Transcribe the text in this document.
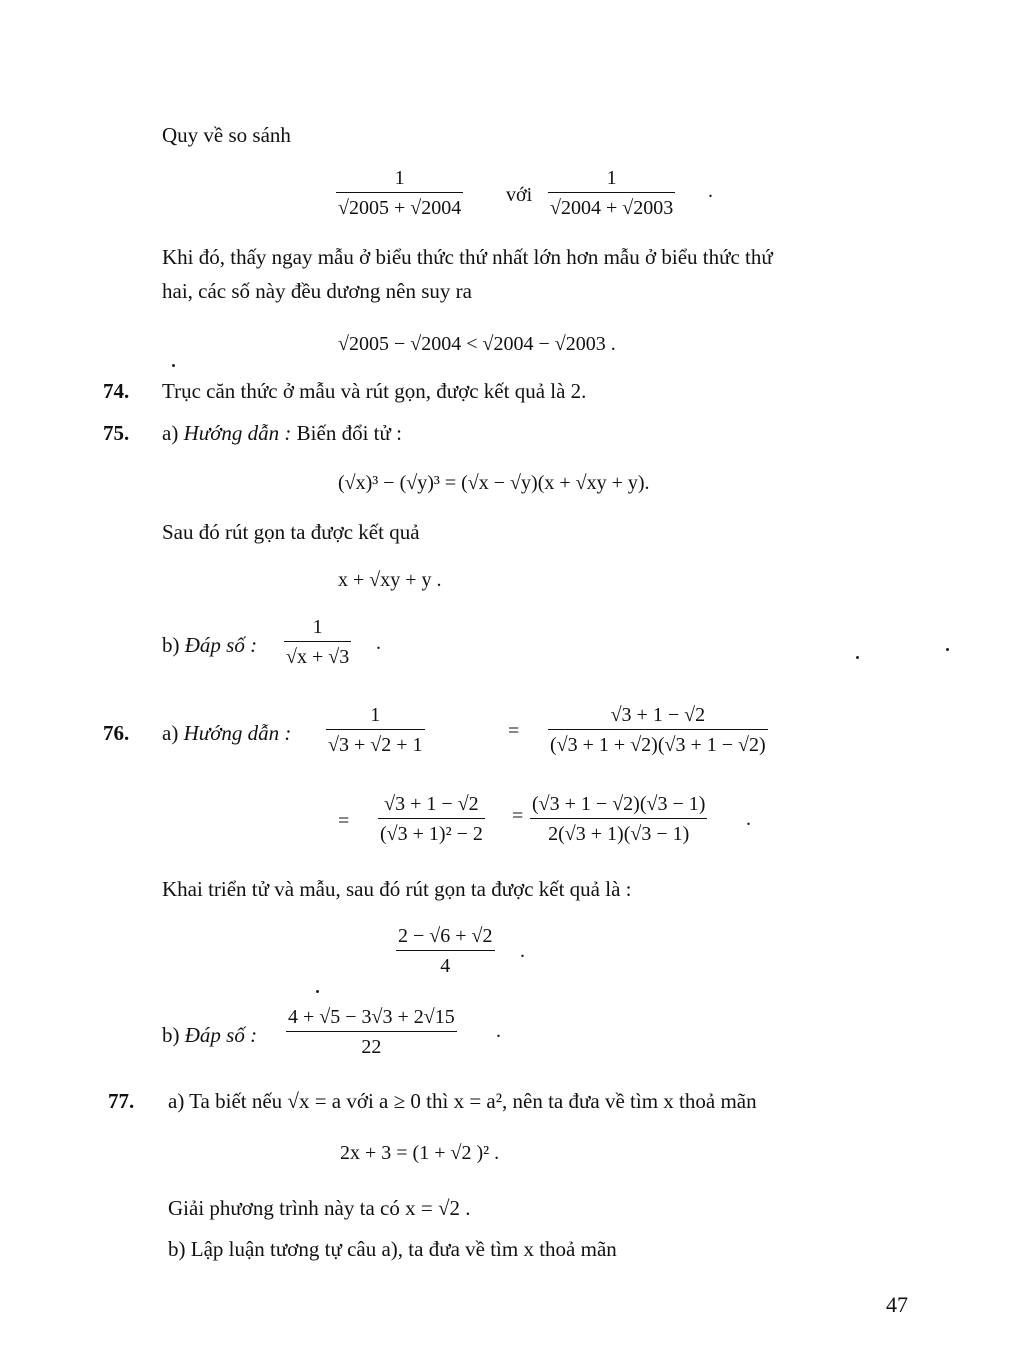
Quy về so sánh
1
√2005 + √2004
với
1
√2004 + √2003
.
Khi đó, thấy ngay mẫu ở biểu thức thứ nhất lớn hơn mẫu ở biểu thức thứ
hai, các số này đều dương nên suy ra
√2005 − √2004 < √2004 − √2003 .
74. Trục căn thức ở mẫu và rút gọn, được kết quả là 2.
75. a) Hướng dẫn : Biến đổi tử :
(√x)³ − (√y)³ = (√x − √y)(x + √xy + y).
Sau đó rút gọn ta được kết quả
x + √xy + y .
b) Đáp số :
1
√x + √3
.
76. a) Hướng dẫn :
1
√3 + √2 + 1
=
√3 + 1 − √2
(√3 + 1 + √2)(√3 + 1 − √2)
=
√3 + 1 − √2
(√3 + 1)² − 2
=
(√3 + 1 − √2)(√3 − 1)
2(√3 + 1)(√3 − 1)
.
Khai triển tử và mẫu, sau đó rút gọn ta được kết quả là :
2 − √6 + √2
4
.
b) Đáp số :
4 + √5 − 3√3 + 2√15
22
.
77. a) Ta biết nếu √x = a với a ≥ 0 thì x = a², nên ta đưa về tìm x thoả mãn
2x + 3 = (1 + √2 )² .
Giải phương trình này ta có x = √2 .
b) Lập luận tương tự câu a), ta đưa về tìm x thoả mãn
47
